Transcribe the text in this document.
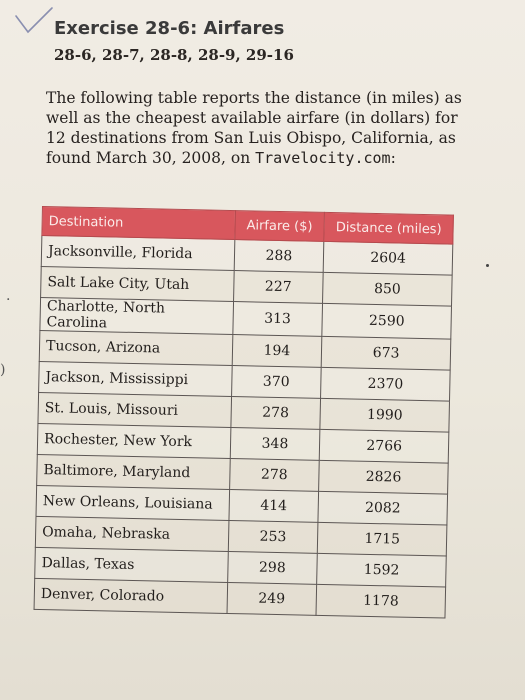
Exercise 28-6: Airfares
28-6, 28-7, 28-8, 28-9, 29-16
The following table reports the distance (in miles) as well as the cheapest available airfare (in dollars) for 12 destinations from San Luis Obispo, California, as found March 30, 2008, on Travelocity.com:
.
)
Destination	Airfare ($)	Distance (miles)
Jacksonville, Florida	288	2604
Salt Lake City, Utah	227	850
Charlotte, North Carolina	313	2590
Tucson, Arizona	194	673
Jackson, Mississippi	370	2370
St. Louis, Missouri	278	1990
Rochester, New York	348	2766
Baltimore, Maryland	278	2826
New Orleans, Louisiana	414	2082
Omaha, Nebraska	253	1715
Dallas, Texas	298	1592
Denver, Colorado	249	1178
